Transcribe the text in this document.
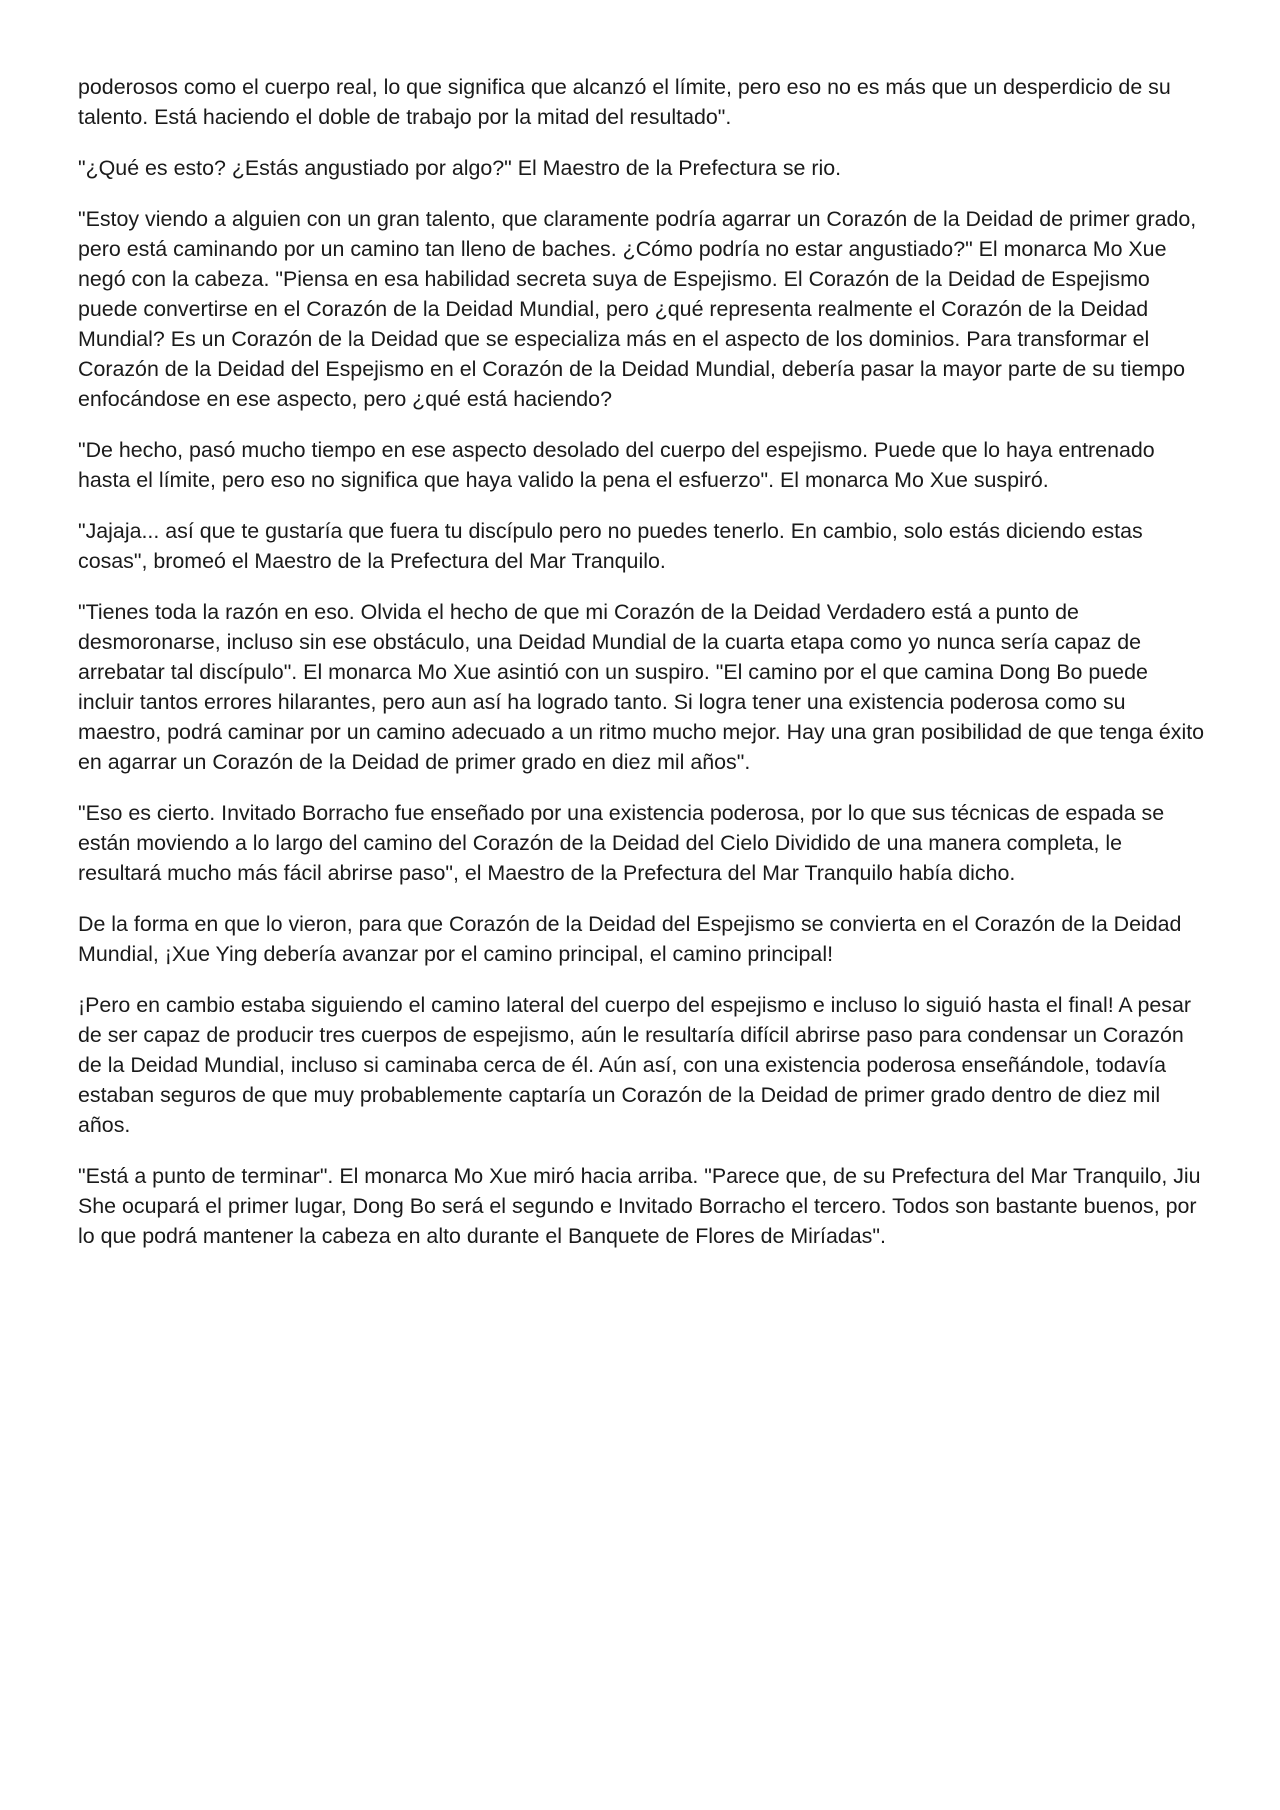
poderosos como el cuerpo real, lo que significa que alcanzó el límite, pero eso no es más que un desperdicio de su talento. Está haciendo el doble de trabajo por la mitad del resultado".

"¿Qué es esto? ¿Estás angustiado por algo?" El Maestro de la Prefectura se rio.

"Estoy viendo a alguien con un gran talento, que claramente podría agarrar un Corazón de la Deidad de primer grado, pero está caminando por un camino tan lleno de baches. ¿Cómo podría no estar angustiado?" El monarca Mo Xue negó con la cabeza. "Piensa en esa habilidad secreta suya de Espejismo. El Corazón de la Deidad de Espejismo puede convertirse en el Corazón de la Deidad Mundial, pero ¿qué representa realmente el Corazón de la Deidad Mundial? Es un Corazón de la Deidad que se especializa más en el aspecto de los dominios. Para transformar el Corazón de la Deidad del Espejismo en el Corazón de la Deidad Mundial, debería pasar la mayor parte de su tiempo enfocándose en ese aspecto, pero ¿qué está haciendo?

"De hecho, pasó mucho tiempo en ese aspecto desolado del cuerpo del espejismo. Puede que lo haya entrenado hasta el límite, pero eso no significa que haya valido la pena el esfuerzo". El monarca Mo Xue suspiró.

"Jajaja... así que te gustaría que fuera tu discípulo pero no puedes tenerlo. En cambio, solo estás diciendo estas cosas", bromeó el Maestro de la Prefectura del Mar Tranquilo.

"Tienes toda la razón en eso. Olvida el hecho de que mi Corazón de la Deidad Verdadero está a punto de desmoronarse, incluso sin ese obstáculo, una Deidad Mundial de la cuarta etapa como yo nunca sería capaz de arrebatar tal discípulo". El monarca Mo Xue asintió con un suspiro. "El camino por el que camina Dong Bo puede incluir tantos errores hilarantes, pero aun así ha logrado tanto. Si logra tener una existencia poderosa como su maestro, podrá caminar por un camino adecuado a un ritmo mucho mejor. Hay una gran posibilidad de que tenga éxito en agarrar un Corazón de la Deidad de primer grado en diez mil años".

"Eso es cierto. Invitado Borracho fue enseñado por una existencia poderosa, por lo que sus técnicas de espada se están moviendo a lo largo del camino del Corazón de la Deidad del Cielo Dividido de una manera completa, le resultará mucho más fácil abrirse paso", el Maestro de la Prefectura del Mar Tranquilo había dicho.

De la forma en que lo vieron, para que Corazón de la Deidad del Espejismo se convierta en el Corazón de la Deidad Mundial, ¡Xue Ying debería avanzar por el camino principal, el camino principal!

¡Pero en cambio estaba siguiendo el camino lateral del cuerpo del espejismo e incluso lo siguió hasta el final! A pesar de ser capaz de producir tres cuerpos de espejismo, aún le resultaría difícil abrirse paso para condensar un Corazón de la Deidad Mundial, incluso si caminaba cerca de él. Aún así, con una existencia poderosa enseñándole, todavía estaban seguros de que muy probablemente captaría un Corazón de la Deidad de primer grado dentro de diez mil años.

"Está a punto de terminar". El monarca Mo Xue miró hacia arriba. "Parece que, de su Prefectura del Mar Tranquilo, Jiu She ocupará el primer lugar, Dong Bo será el segundo e Invitado Borracho el tercero. Todos son bastante buenos, por lo que podrá mantener la cabeza en alto durante el Banquete de Flores de Miríadas".
